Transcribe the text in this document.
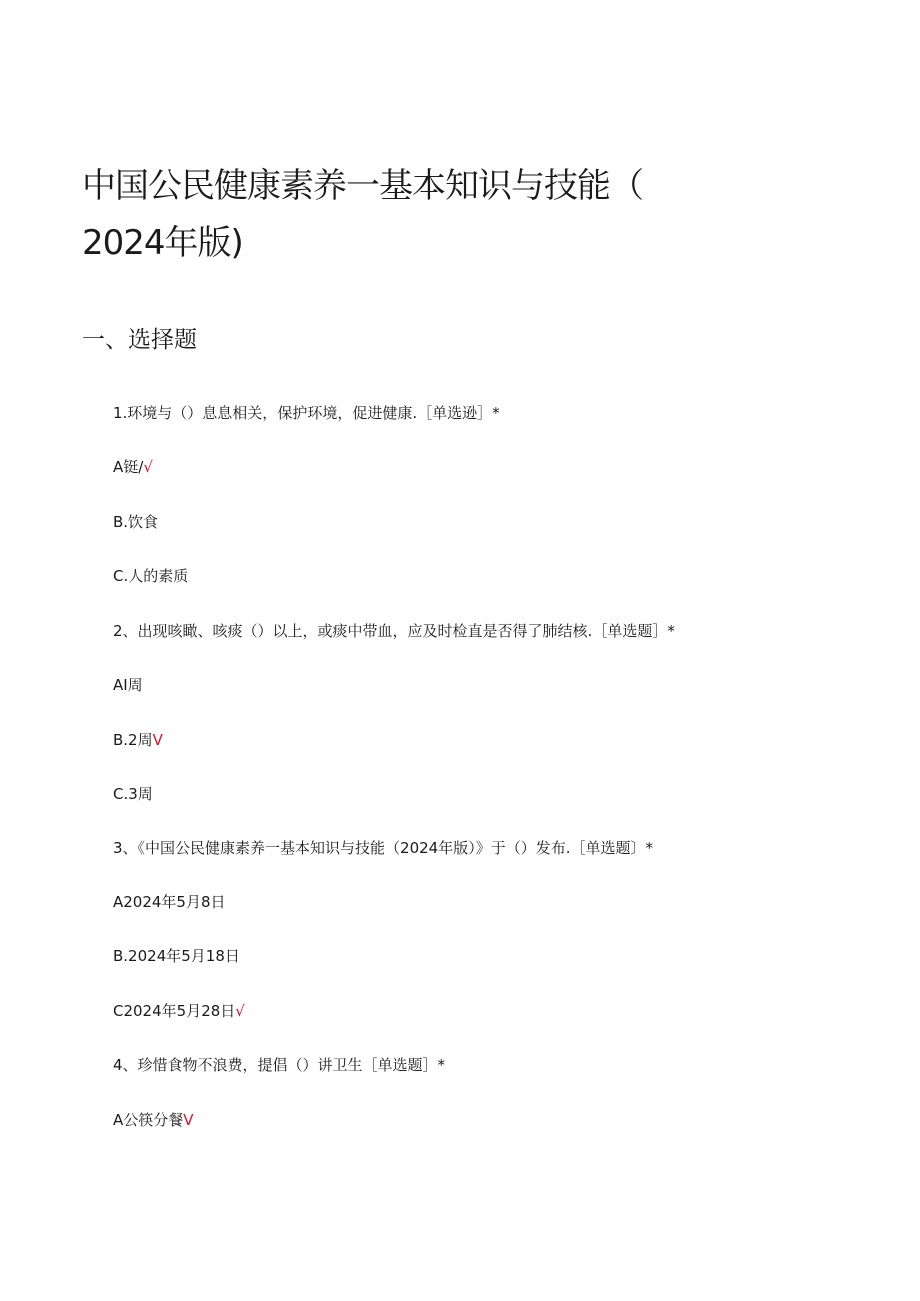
中国公民健康素养一基本知识与技能（
2024年版)
一、选择题
1.环境与（）息息相关，保护环境，促进健康.［单选逊］*
A铤/√
B.饮食
C.人的素质
2、出现咳瞰、咳痰（）以上，或痰中带血，应及时检直是否得了肺结核.［单选题］*
AI周
B.2周V
C.3周
3、《中国公民健康素养一基本知识与技能（2024年版）》于（）发布.［单选题〕*
A2024年5月8日
B.2024年5月18日
C2024年5月28日√
4、珍惜食物不浪费，提倡（）讲卫生［单选题］*
A公筷分餐V
